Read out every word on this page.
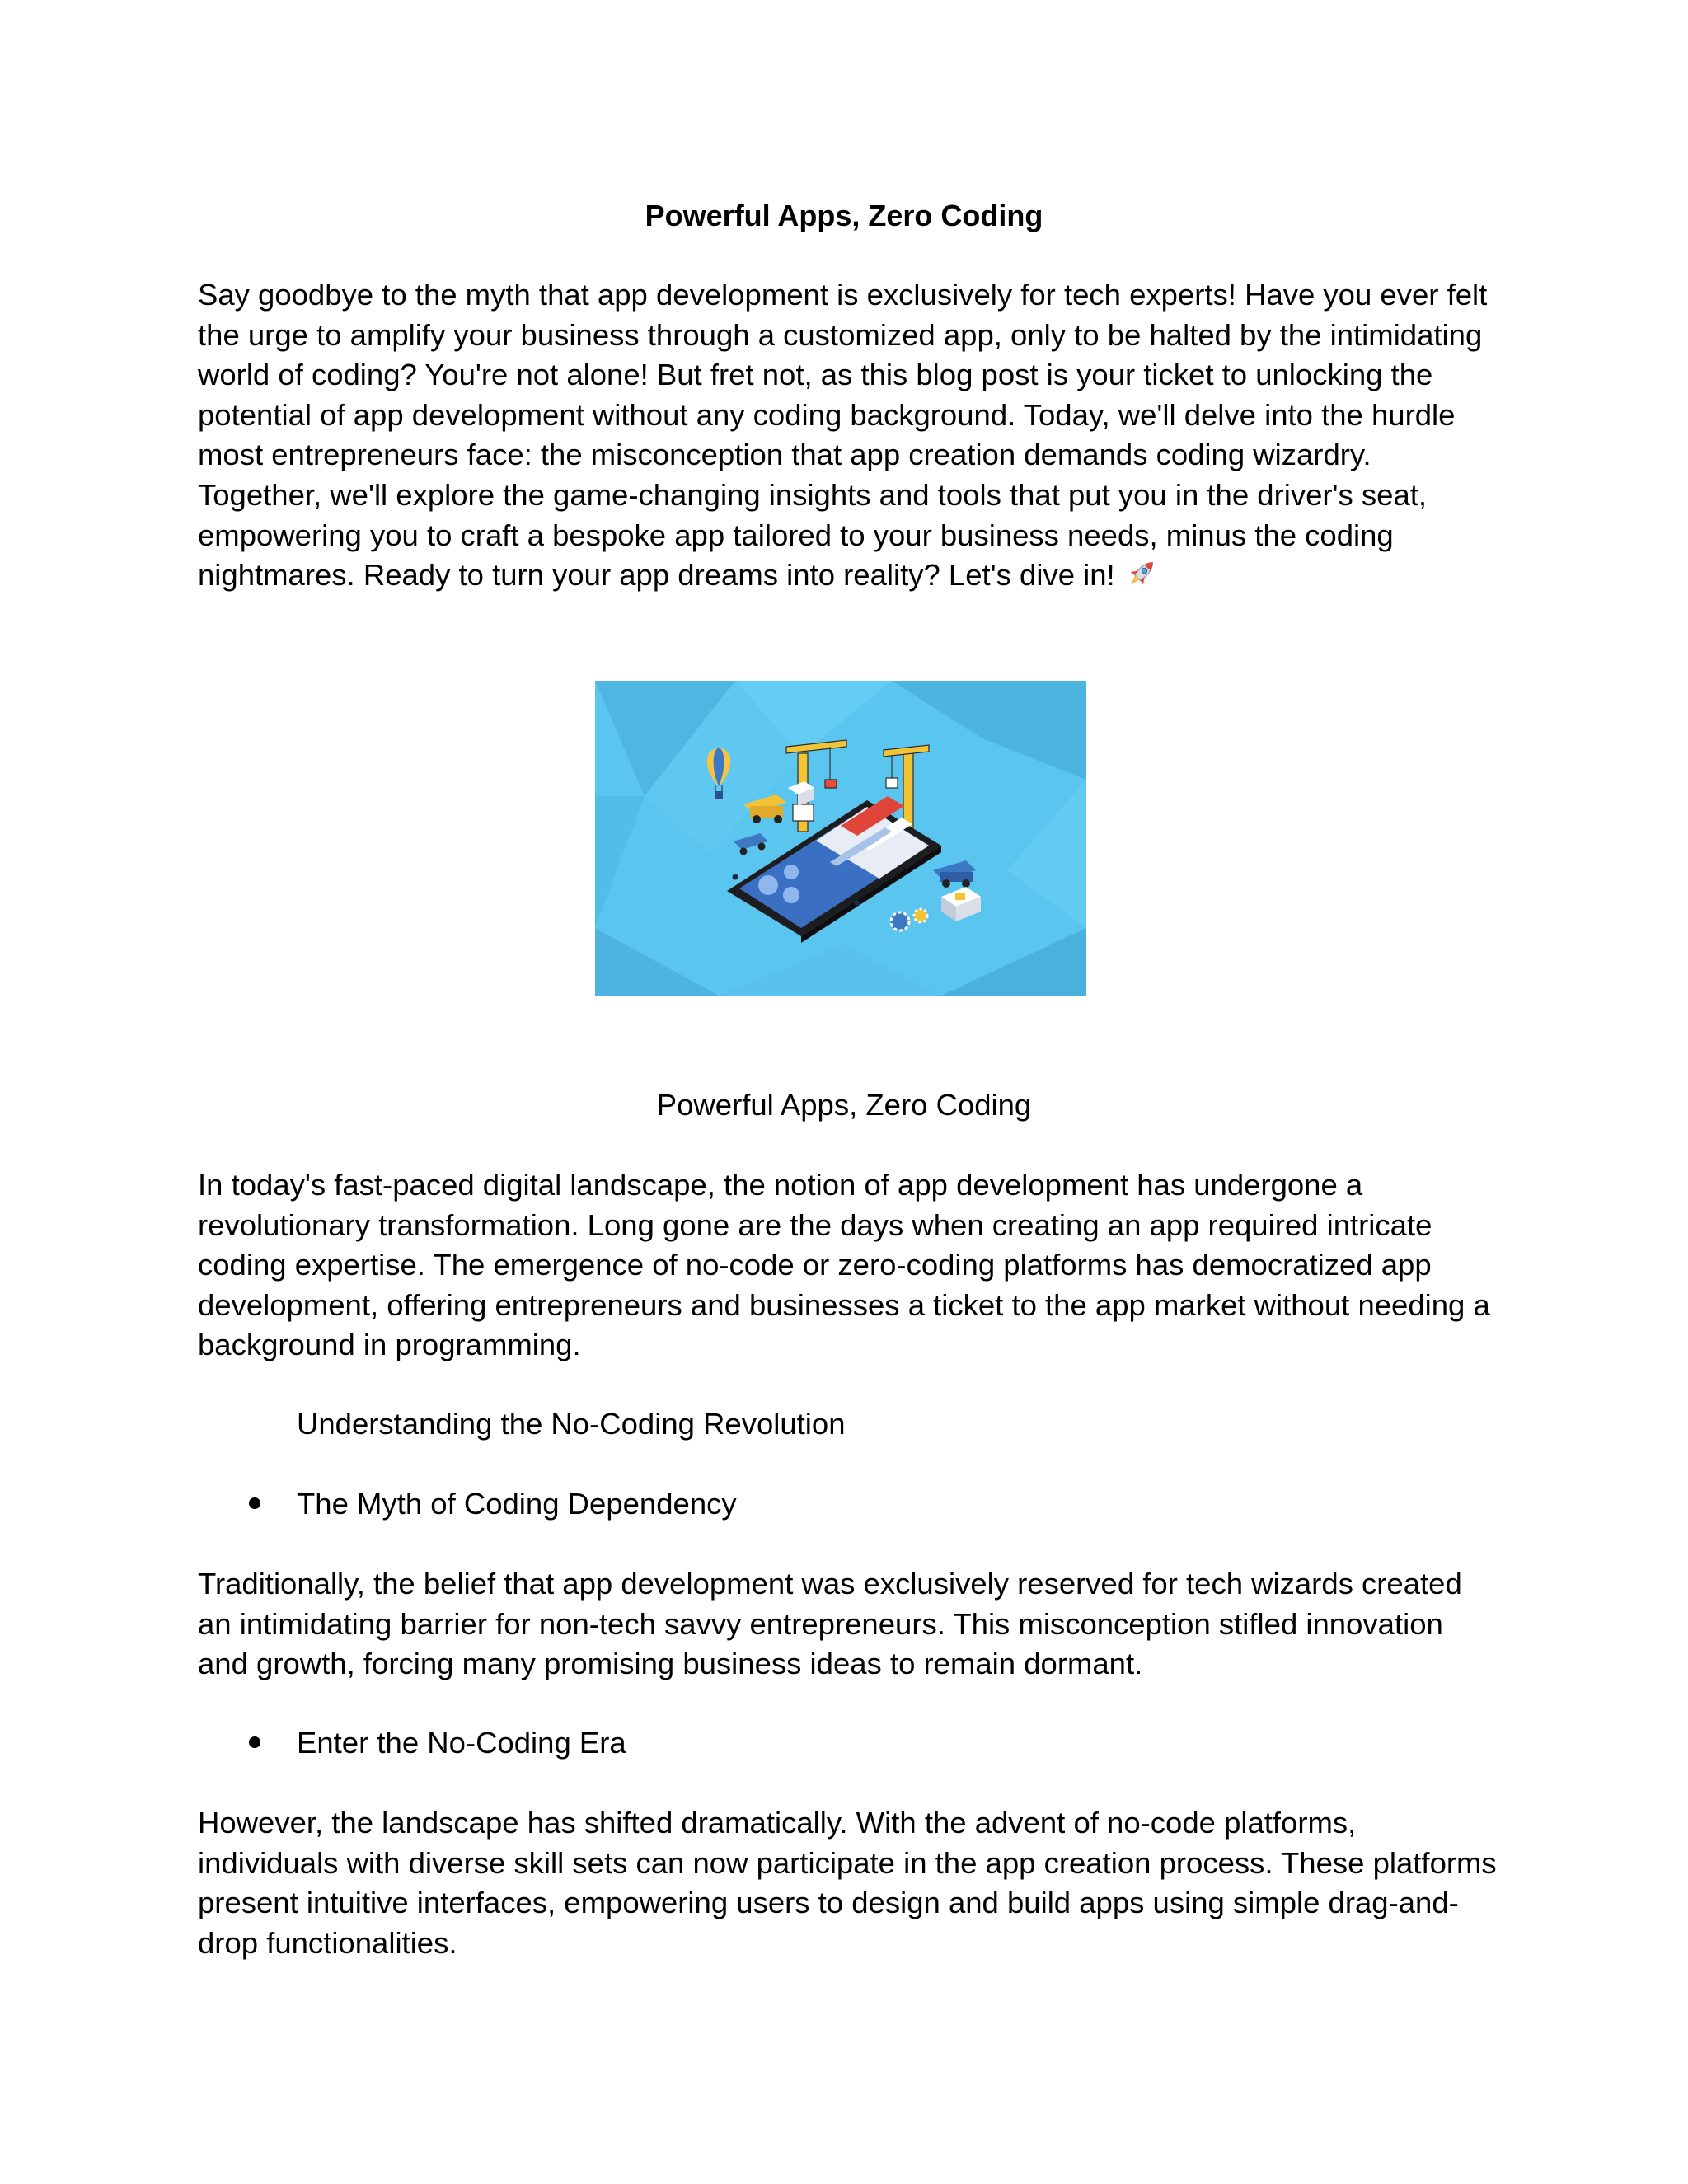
Powerful Apps, Zero Coding

Say goodbye to the myth that app development is exclusively for tech experts! Have you ever felt the urge to amplify your business through a customized app, only to be halted by the intimidating world of coding? You're not alone! But fret not, as this blog post is your ticket to unlocking the potential of app development without any coding background. Today, we'll delve into the hurdle most entrepreneurs face: the misconception that app creation demands coding wizardry. Together, we'll explore the game-changing insights and tools that put you in the driver's seat, empowering you to craft a bespoke app tailored to your business needs, minus the coding nightmares. Ready to turn your app dreams into reality? Let's dive in!

Powerful Apps, Zero Coding

In today's fast-paced digital landscape, the notion of app development has undergone a revolutionary transformation. Long gone are the days when creating an app required intricate coding expertise. The emergence of no-code or zero-coding platforms has democratized app development, offering entrepreneurs and businesses a ticket to the app market without needing a background in programming.

Understanding the No-Coding Revolution

The Myth of Coding Dependency

Traditionally, the belief that app development was exclusively reserved for tech wizards created an intimidating barrier for non-tech savvy entrepreneurs. This misconception stifled innovation and growth, forcing many promising business ideas to remain dormant.

Enter the No-Coding Era

However, the landscape has shifted dramatically. With the advent of no-code platforms, individuals with diverse skill sets can now participate in the app creation process. These platforms present intuitive interfaces, empowering users to design and build apps using simple drag-and-drop functionalities.
